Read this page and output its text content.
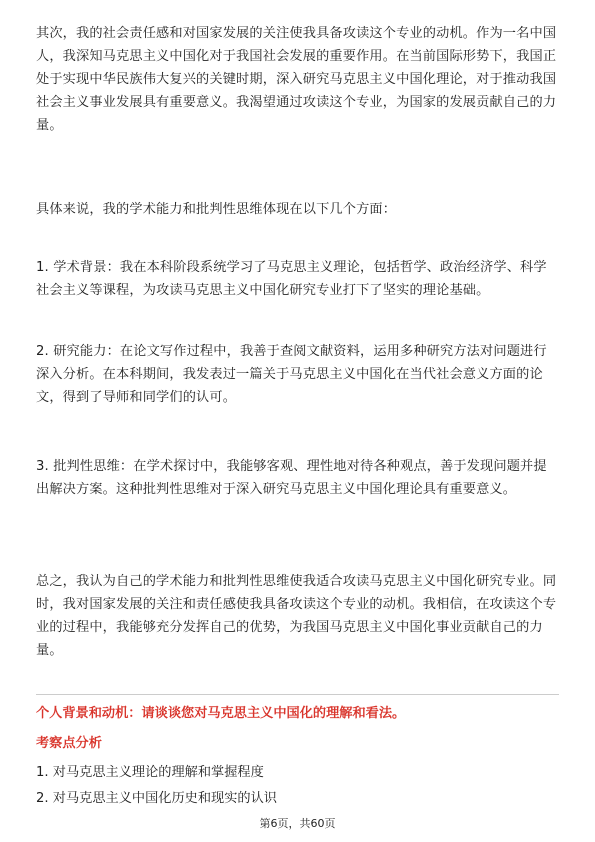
其次，我的社会责任感和对国家发展的关注使我具备攻读这个专业的动机。作为一名中国人，我深知马克思主义中国化对于我国社会发展的重要作用。在当前国际形势下，我国正处于实现中华民族伟大复兴的关键时期，深入研究马克思主义中国化理论，对于推动我国社会主义事业发展具有重要意义。我渴望通过攻读这个专业，为国家的发展贡献自己的力量。

具体来说，我的学术能力和批判性思维体现在以下几个方面：

1. 学术背景：我在本科阶段系统学习了马克思主义理论，包括哲学、政治经济学、科学社会主义等课程，为攻读马克思主义中国化研究专业打下了坚实的理论基础。

2. 研究能力：在论文写作过程中，我善于查阅文献资料，运用多种研究方法对问题进行深入分析。在本科期间，我发表过一篇关于马克思主义中国化在当代社会意义方面的论文，得到了导师和同学们的认可。

3. 批判性思维：在学术探讨中，我能够客观、理性地对待各种观点，善于发现问题并提出解决方案。这种批判性思维对于深入研究马克思主义中国化理论具有重要意义。

总之，我认为自己的学术能力和批判性思维使我适合攻读马克思主义中国化研究专业。同时，我对国家发展的关注和责任感使我具备攻读这个专业的动机。我相信，在攻读这个专业的过程中，我能够充分发挥自己的优势，为我国马克思主义中国化事业贡献自己的力量。

个人背景和动机：请谈谈您对马克思主义中国化的理解和看法。
考察点分析
1. 对马克思主义理论的理解和掌握程度
2. 对马克思主义中国化历史和现实的认识
第6页，共60页
